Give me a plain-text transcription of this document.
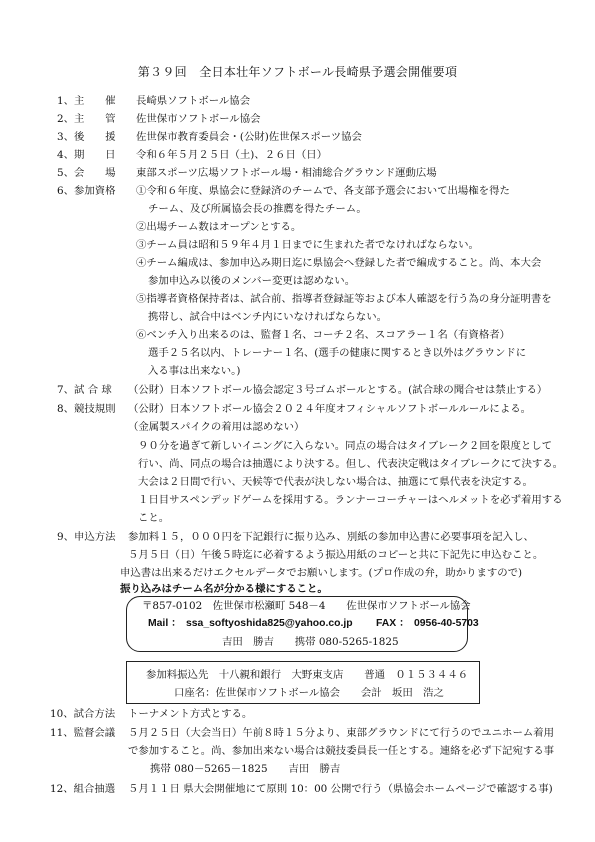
第３９回　全日本壮年ソフトボール長崎県予選会開催要項
1、主　　催 長崎県ソフトボール協会
2、主　　管 佐世保市ソフトボール協会
3、後　　援 佐世保市教育委員会・(公財)佐世保スポーツ協会
4、期　　日 令和６年５月２５日（土)、２６日（日）
5、会　　場 東部スポーツ広場ソフトボール場・相浦総合グラウンド運動広場
6、参加資格 ①令和６年度、県協会に登録済のチームで、各支部予選会において出場権を得た
チーム、及び所属協会長の推薦を得たチーム。
②出場チーム数はオープンとする。
③チーム員は昭和５９年４月１日までに生まれた者でなければならない。
④チーム編成は、参加申込み期日迄に県協会へ登録した者で編成すること。尚、本大会
参加申込み以後のメンバー変更は認めない。
⑤指導者資格保持者は、試合前、指導者登録証等および本人確認を行う為の身分証明書を
携帯し、試合中はベンチ内にいなければならない。
⑥ベンチ入り出来るのは、監督１名、コーチ２名、スコアラー１名（有資格者）
選手２５名以内、トレーナー１名、(選手の健康に関するとき以外はグラウンドに
入る事は出来ない。)
7、試 合 球 （公財）日本ソフトボール協会認定３号ゴムボールとする。(試合球の聞合せは禁止する）
8、競技規則 （公財）日本ソフトボール協会２０２４年度オフィシャルソフトボールルールによる。
（金属製スパイクの着用は認めない）
９０分を過ぎて新しいイニングに入らない。同点の場合はタイブレーク２回を限度として
行い、尚、同点の場合は抽選により決する。但し、代表決定戦はタイブレークにて決する。
大会は２日間で行い、天候等で代表が決しない場合は、抽選にて県代表を決定する。
１日目サスペンデッドゲームを採用する。ランナーコーチャーはヘルメットを必ず着用する
こと。
9、申込方法 参加料１５，０００円を下記銀行に振り込み、別紙の参加申込書に必要事項を記入し、
５月５日（日）午後５時迄に必着するよう振込用紙のコピーと共に下記先に申込むこと。
申込書は出来るだけエクセルデータでお願いします。(プロ作成の弁，助かりますので)
振り込みはチーム名が分かる様にすること。
〒857-0102　佐世保市松瀬町 548－4　　佐世保市ソフトボール協会
Mail ： ssa_softyoshida825@yahoo.co.jp FAX ： 0956-40-5703
吉田　勝吉　　携帯 080-5265-1825
参加料振込先　十八親和銀行　大野東支店　　普通　０１５３４４６
口座名：佐世保市ソフトボール協会　　会計　坂田　浩之
10、試合方法 トーナメント方式とする。
11、監督会議 ５月２５日（大会当日）午前８時１５分より、東部グラウンドにて行うのでユニホーム着用
で参加すること。尚、参加出来ない場合は競技委員長一任とする。連絡を必ず下記宛する事
携帯 080－5265－1825　　吉田　勝吉
12、組合抽選 ５月１１日 県大会開催地にて原則 10：00 公開で行う（県協会ホームページで確認する事)
